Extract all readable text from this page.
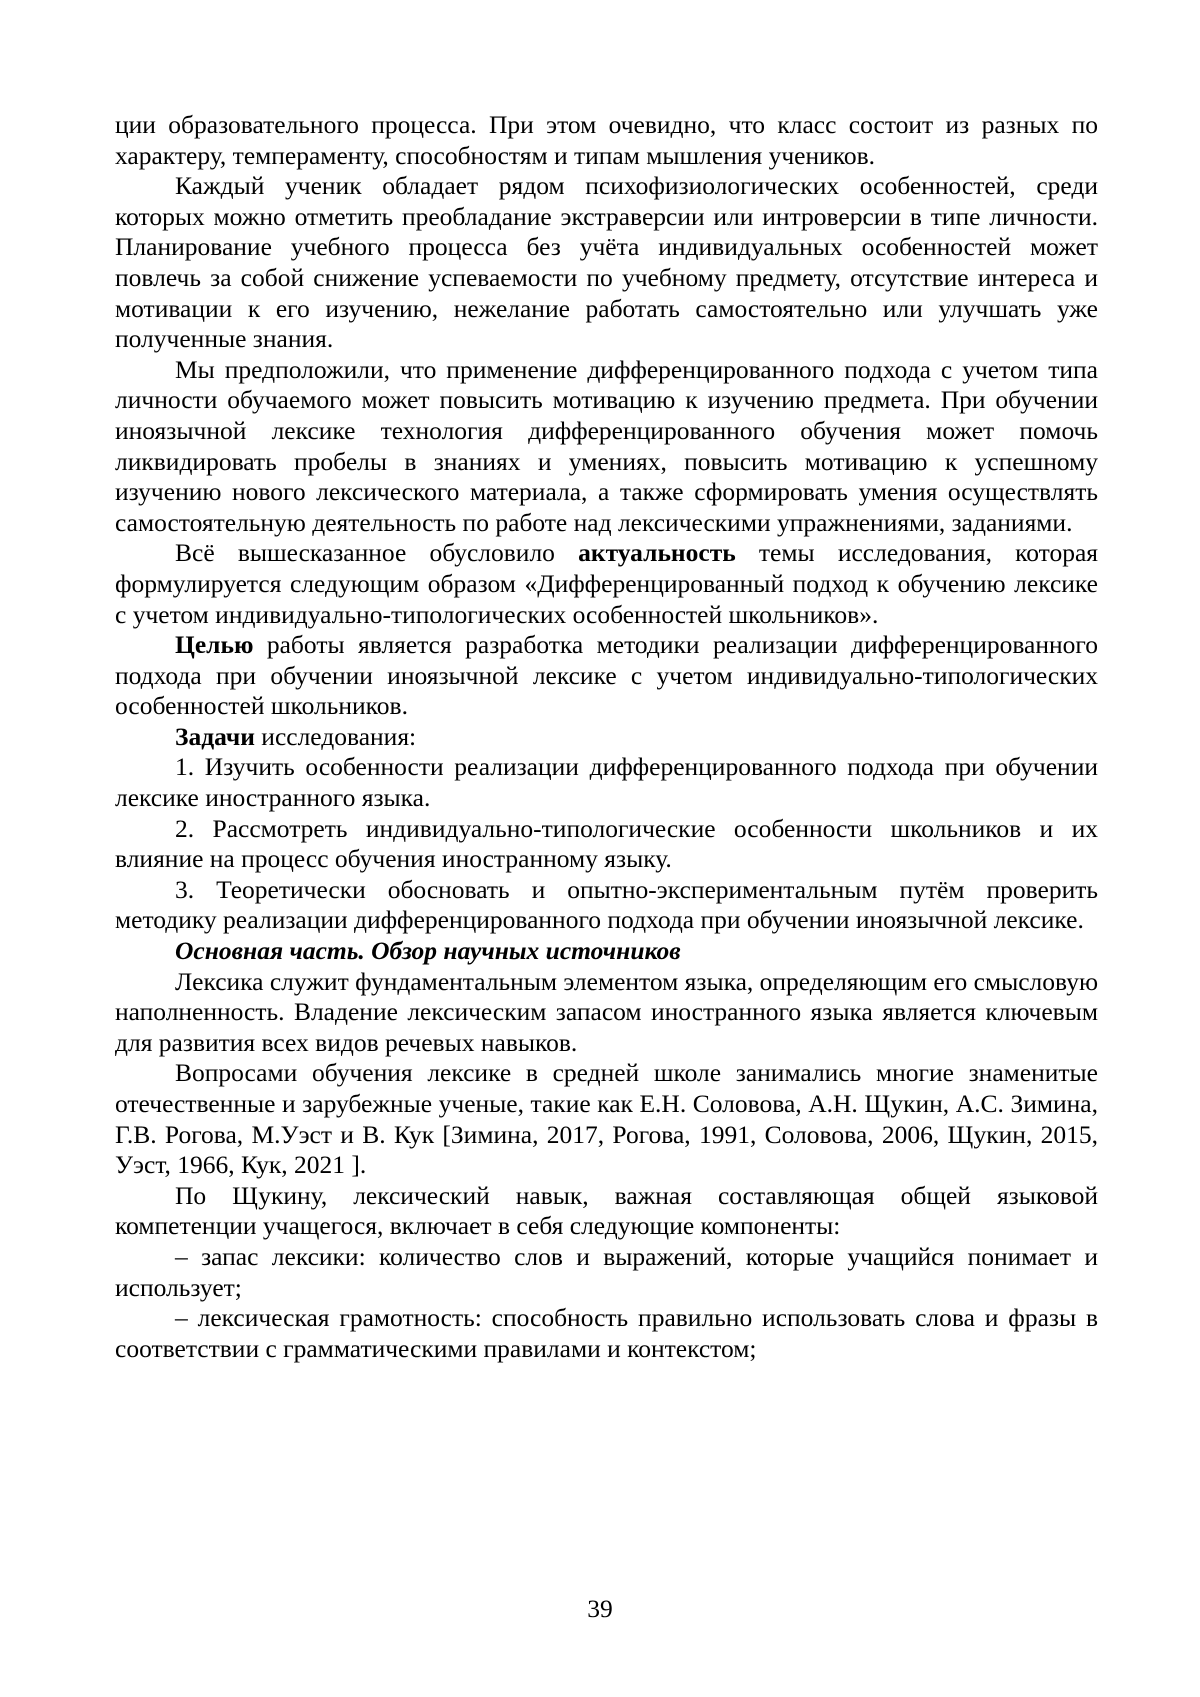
ции образовательного процесса. При этом очевидно, что класс состоит из разных по характеру, темпераменту, способностям и типам мышления учеников.

Каждый ученик обладает рядом психофизиологических особенностей, среди которых можно отметить преобладание экстраверсии или интроверсии в типе личности. Планирование учебного процесса без учёта индивидуальных особенностей может повлечь за собой снижение успеваемости по учебному предмету, отсутствие интереса и мотивации к его изучению, нежелание работать самостоятельно или улучшать уже полученные знания.

Мы предположили, что применение дифференцированного подхода с учетом типа личности обучаемого может повысить мотивацию к изучению предмета. При обучении иноязычной лексике технология дифференцированного обучения может помочь ликвидировать пробелы в знаниях и умениях, повысить мотивацию к успешному изучению нового лексического материала, а также сформировать умения осуществлять самостоятельную деятельность по работе над лексическими упражнениями, заданиями.

Всё вышесказанное обусловило актуальность темы исследования, которая формулируется следующим образом «Дифференцированный подход к обучению лексике с учетом индивидуально-типологических особенностей школьников».

Целью работы является разработка методики реализации дифференцированного подхода при обучении иноязычной лексике с учетом индивидуально-типологических особенностей школьников.

Задачи исследования:

1. Изучить особенности реализации дифференцированного подхода при обучении лексике иностранного языка.

2. Рассмотреть индивидуально-типологические особенности школьников и их влияние на процесс обучения иностранному языку.

3. Теоретически обосновать и опытно-экспериментальным путём проверить методику реализации дифференцированного подхода при обучении иноязычной лексике.

Основная часть. Обзор научных источников

Лексика служит фундаментальным элементом языка, определяющим его смысловую наполненность. Владение лексическим запасом иностранного языка является ключевым для развития всех видов речевых навыков.

Вопросами обучения лексике в средней школе занимались многие знаменитые отечественные и зарубежные ученые, такие как Е.Н. Соловова, А.Н. Щукин, А.С. Зимина, Г.В. Рогова, М.Уэст и В. Кук [Зимина, 2017, Рогова, 1991, Соловова, 2006, Щукин, 2015, Уэст, 1966, Кук, 2021 ].

По Щукину, лексический навык, важная составляющая общей языковой компетенции учащегося, включает в себя следующие компоненты:

– запас лексики: количество слов и выражений, которые учащийся понимает и использует;

– лексическая грамотность: способность правильно использовать слова и фразы в соответствии с грамматическими правилами и контекстом;

39
